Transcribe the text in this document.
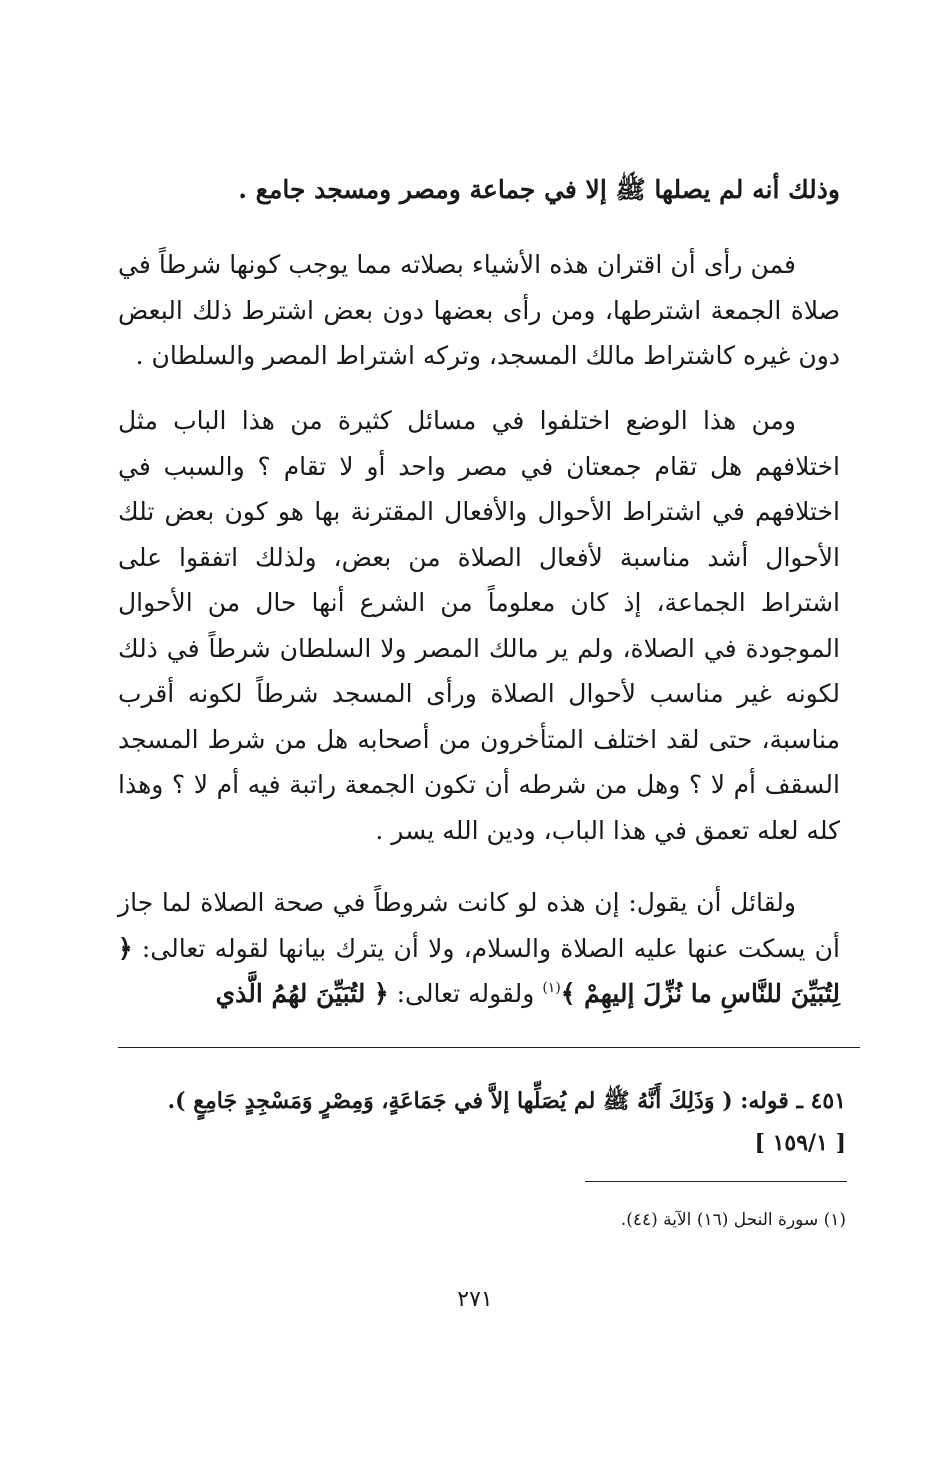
وذلك أنه لم يصلها ﷺ إلا في جماعة ومصر ومسجد جامع .

فمن رأى أن اقتران هذه الأشياء بصلاته مما يوجب كونها شرطاً في صلاة الجمعة اشترطها، ومن رأى بعضها دون بعض اشترط ذلك البعض دون غيره كاشتراط مالك المسجد، وتركه اشتراط المصر والسلطان .

ومن هذا الوضع اختلفوا في مسائل كثيرة من هذا الباب مثل اختلافهم هل تقام جمعتان في مصر واحد أو لا تقام ؟ والسبب في اختلافهم في اشتراط الأحوال والأفعال المقترنة بها هو كون بعض تلك الأحوال أشد مناسبة لأفعال الصلاة من بعض، ولذلك اتفقوا على اشتراط الجماعة، إذ كان معلوماً من الشرع أنها حال من الأحوال الموجودة في الصلاة، ولم ير مالك المصر ولا السلطان شرطاً في ذلك لكونه غير مناسب لأحوال الصلاة ورأى المسجد شرطاً لكونه أقرب مناسبة، حتى لقد اختلف المتأخرون من أصحابه هل من شرط المسجد السقف أم لا ؟ وهل من شرطه أن تكون الجمعة راتبة فيه أم لا ؟ وهذا كله لعله تعمق في هذا الباب، ودين الله يسر .

ولقائل أن يقول: إن هذه لو كانت شروطاً في صحة الصلاة لما جاز أن يسكت عنها عليه الصلاة والسلام، ولا أن يترك بيانها لقوله تعالى: ﴿ لِتُبَيِّنَ للنَّاسِ ما نُزِّلَ إليهِمْ ﴾$^{(١)}$ ولقوله تعالى: ﴿ لتُبَيِّنَ لهُمُ الَّذي

٤٥١ ـ قوله: ( وَذَلِكَ أَنَّهُ ﷺ لم يُصَلِّها إلاَّ في جَمَاعَةٍ، وَمِصْرٍ وَمَسْجِدٍ جَامِعٍ ).
[ ١٥٩/١ ]
(١) سورة النحل (١٦) الآية (٤٤).
٢٧١
